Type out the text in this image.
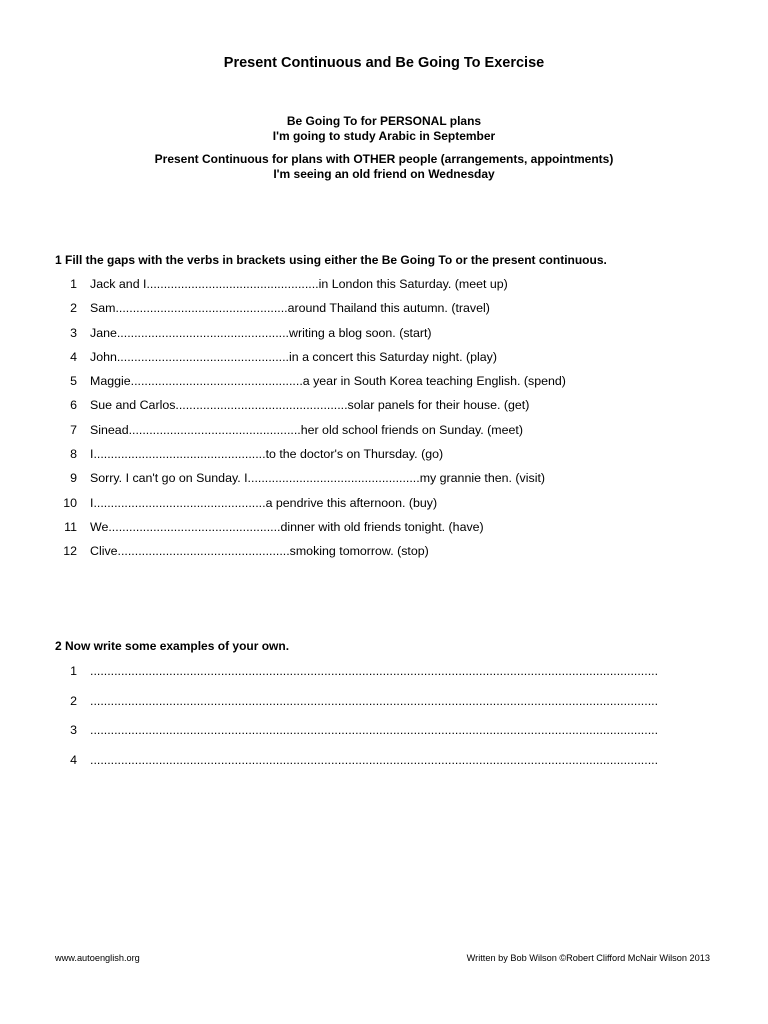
Present Continuous and Be Going To Exercise
Be Going To for PERSONAL plans
I'm going to study Arabic in September
Present Continuous for plans with OTHER people (arrangements, appointments)
I'm seeing an old friend on Wednesday
1 Fill the gaps with the verbs in brackets using either the Be Going To or the present continuous.
1 Jack and I..................................................in London this Saturday. (meet up)
2 Sam..................................................around Thailand this autumn. (travel)
3 Jane..................................................writing a blog soon. (start)
4 John..................................................in a concert this Saturday night. (play)
5 Maggie..................................................a year in South Korea teaching English. (spend)
6 Sue and Carlos..................................................solar panels for their house. (get)
7 Sinead..................................................her old school friends on Sunday. (meet)
8 I..................................................to the doctor's on Thursday. (go)
9 Sorry. I can't go on Sunday. I..................................................my grannie then. (visit)
10 I..................................................a pendrive this afternoon. (buy)
11 We..................................................dinner with old friends tonight. (have)
12 Clive..................................................smoking tomorrow. (stop)
2 Now write some examples of your own.
1 .....................................................................................................................................................................
2 .....................................................................................................................................................................
3 .....................................................................................................................................................................
4 .....................................................................................................................................................................
www.autoenglish.org	Written by Bob Wilson ©Robert Clifford McNair Wilson 2013
